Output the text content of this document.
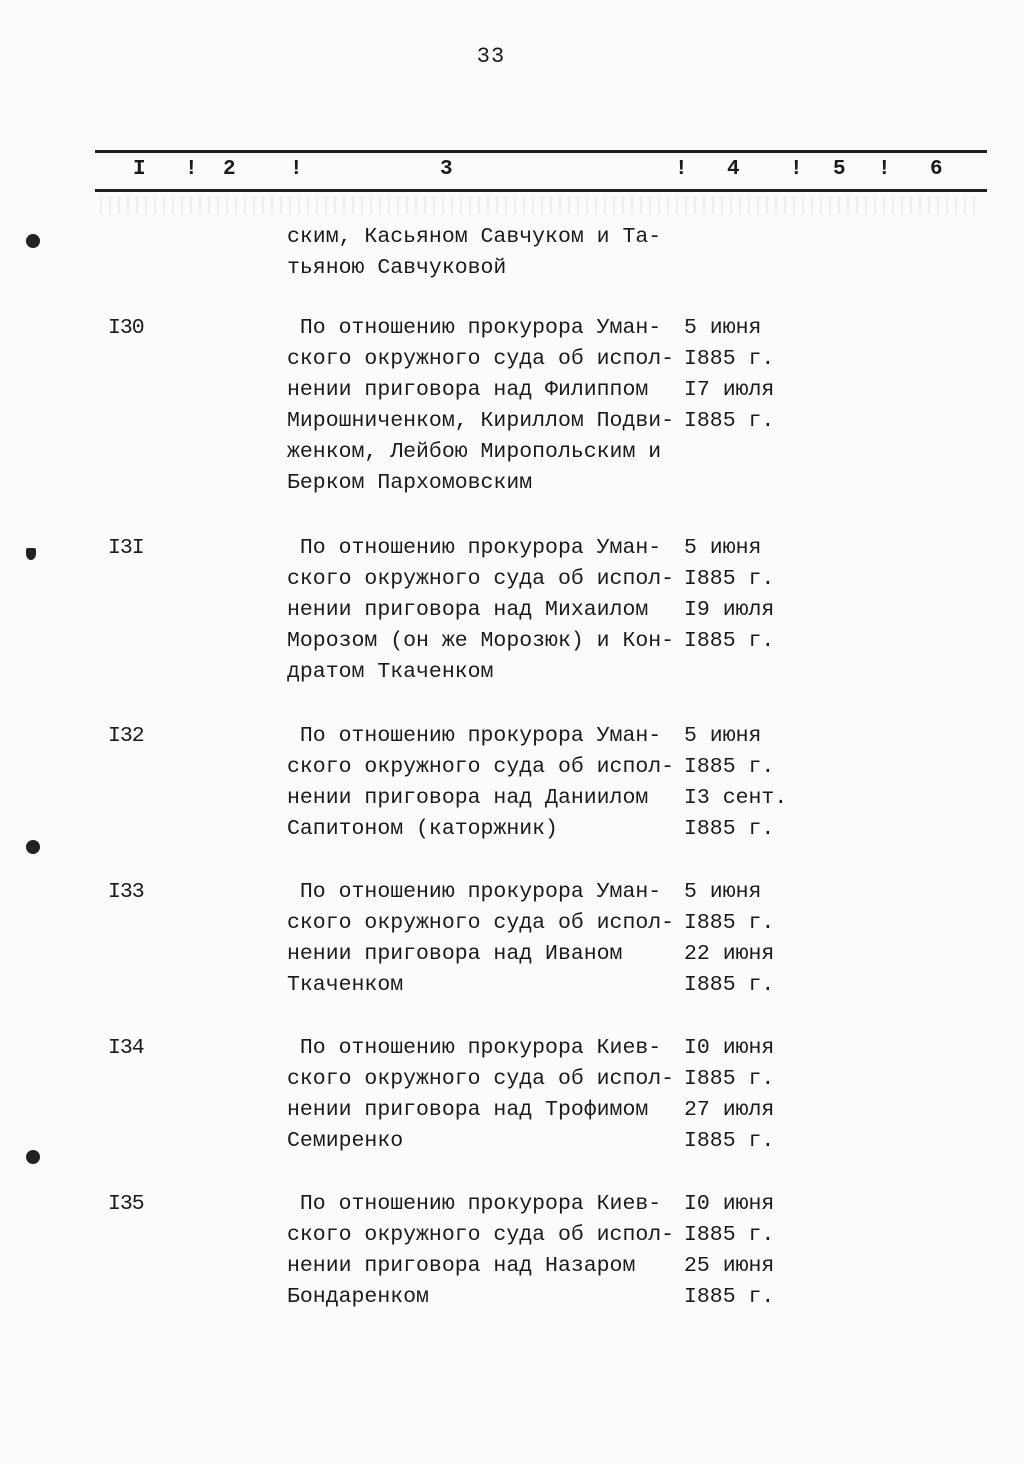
33
I ! 2	!	3	! 4 ! 5 ! 6
ским, Касьяном Савчуком и Та-
тьяною Савчуковой
I30	По отношению прокурора Уман-
ского окружного суда об испол-
нении приговора над Филиппом
Мирошниченком, Кириллом Подви-
женком, Лейбою Миропольским и
Берком Пархомовским
5 июня
I885 г.
I7 июля
I885 г.
I3I	По отношению прокурора Уман-
ского окружного суда об испол-
нении приговора над Михаилом
Морозом (он же Морозюк) и Кон-
дратом Ткаченком
5 июня
I885 г.
I9 июля
I885 г.
I32	По отношению прокурора Уман-
ского окружного суда об испол-
нении приговора над Даниилом
Сапитоном (каторжник)
5 июня
I885 г.
I3 сент.
I885 г.
I33	По отношению прокурора Уман-
ского окружного суда об испол-
нении приговора над Иваном
Ткаченком
5 июня
I885 г.
22 июня
I885 г.
I34	По отношению прокурора Киев-
ского окружного суда об испол-
нении приговора над Трофимом
Семиренко
I0 июня
I885 г.
27 июля
I885 г.
I35	По отношению прокурора Киев-
ского окружного суда об испол-
нении приговора над Назаром
Бондаренком
I0 июня
I885 г.
25 июня
I885 г.
